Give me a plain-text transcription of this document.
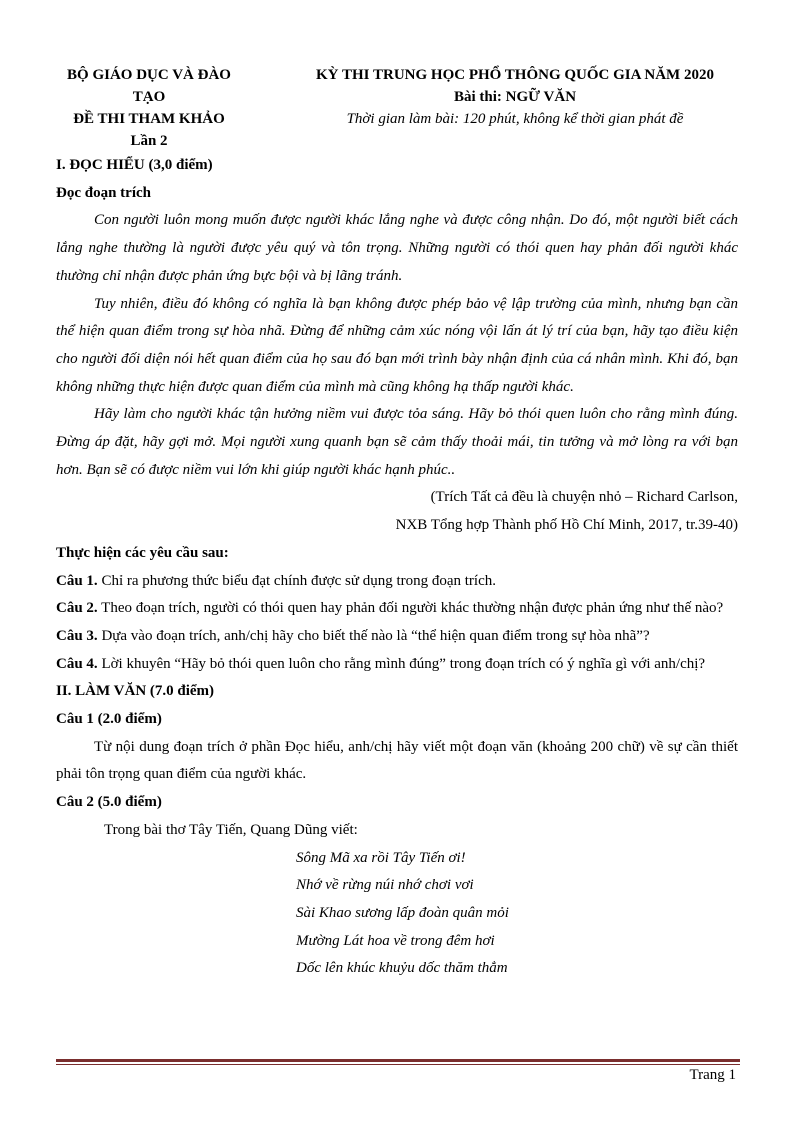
BỘ GIÁO DỤC VÀ ĐÀO TẠO
ĐỀ THI THAM KHẢO
Lần 2
KỲ THI TRUNG HỌC PHỔ THÔNG QUỐC GIA NĂM 2020
Bài thi: NGỮ VĂN
Thời gian làm bài: 120 phút, không kể thời gian phát đề

I. ĐỌC HIỂU (3,0 điểm)

Đọc đoạn trích

Con người luôn mong muốn được người khác lắng nghe và được công nhận. Do đó, một người biết cách lắng nghe thường là người được yêu quý và tôn trọng. Những người có thói quen hay phản đối người khác thường chỉ nhận được phản ứng bực bội và bị lãng tránh.

Tuy nhiên, điều đó không có nghĩa là bạn không được phép bảo vệ lập trường của mình, nhưng bạn cần thể hiện quan điểm trong sự hòa nhã. Đừng để những cảm xúc nóng vội lấn át lý trí của bạn, hãy tạo điều kiện cho người đối diện nói hết quan điểm của họ sau đó bạn mới trình bày nhận định của cá nhân mình. Khi đó, bạn không những thực hiện được quan điểm của mình mà cũng không hạ thấp người khác.

Hãy làm cho người khác tận hưởng niềm vui được tỏa sáng. Hãy bỏ thói quen luôn cho rằng mình đúng. Đừng áp đặt, hãy gợi mở. Mọi người xung quanh bạn sẽ cảm thấy thoải mái, tin tưởng và mở lòng ra với bạn hơn. Bạn sẽ có được niềm vui lớn khi giúp người khác hạnh phúc..

(Trích Tất cả đều là chuyện nhỏ – Richard Carlson,

NXB Tổng hợp Thành phố Hồ Chí Minh, 2017, tr.39-40)

Thực hiện các yêu cầu sau:

Câu 1. Chỉ ra phương thức biểu đạt chính được sử dụng trong đoạn trích.

Câu 2. Theo đoạn trích, người có thói quen hay phản đối người khác thường nhận được phản ứng như thế nào?

Câu 3. Dựa vào đoạn trích, anh/chị hãy cho biết thế nào là “thể hiện quan điểm trong sự hòa nhã”?

Câu 4. Lời khuyên “Hãy bỏ thói quen luôn cho rằng mình đúng” trong đoạn trích có ý nghĩa gì với anh/chị?

II. LÀM VĂN (7.0 điểm)

Câu 1 (2.0 điểm)

Từ nội dung đoạn trích ở phần Đọc hiểu, anh/chị hãy viết một đoạn văn (khoảng 200 chữ) về sự cần thiết phải tôn trọng quan điểm của người khác.

Câu 2 (5.0 điểm)

Trong bài thơ Tây Tiến, Quang Dũng viết:

Sông Mã xa rồi Tây Tiến ơi!

Nhớ về rừng núi nhớ chơi vơi

Sài Khao sương lấp đoàn quân mỏi

Mường Lát hoa về trong đêm hơi

Dốc lên khúc khuỷu dốc thăm thẳm

Trang 1
